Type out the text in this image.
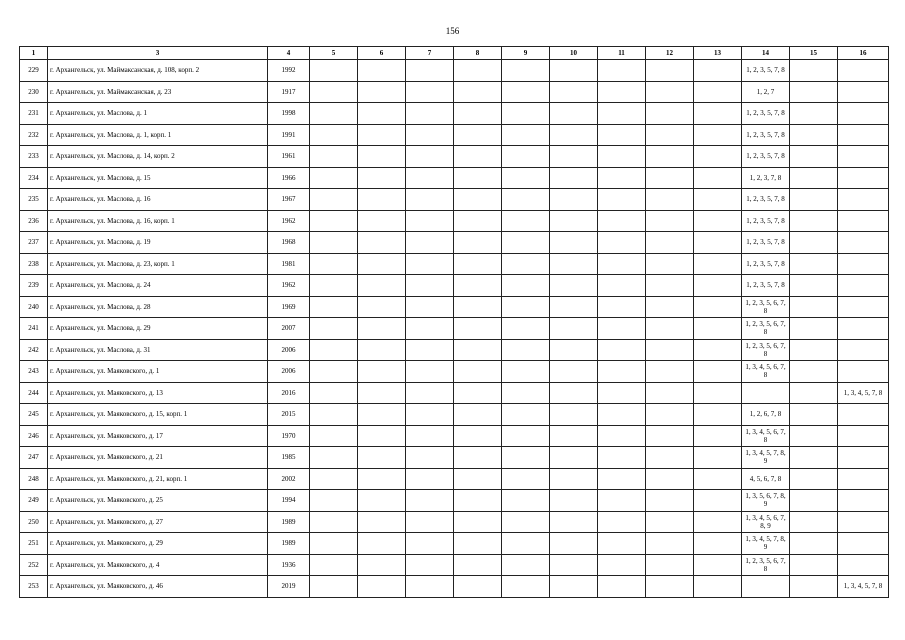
156
1	3	4	5	6	7	8	9	10	11	12	13	14	15	16
229	г. Архангельск, ул. Маймаксанская, д. 108, корп. 2	1992										1, 2, 3, 5, 7, 8		
230	г. Архангельск, ул. Маймаксанская, д. 23	1917										1, 2, 7		
231	г. Архангельск, ул. Маслова, д. 1	1998										1, 2, 3, 5, 7, 8		
232	г. Архангельск, ул. Маслова, д. 1, корп. 1	1991										1, 2, 3, 5, 7, 8		
233	г. Архангельск, ул. Маслова, д. 14, корп. 2	1961										1, 2, 3, 5, 7, 8		
234	г. Архангельск, ул. Маслова, д. 15	1966										1, 2, 3, 7, 8		
235	г. Архангельск, ул. Маслова, д. 16	1967										1, 2, 3, 5, 7, 8		
236	г. Архангельск, ул. Маслова, д. 16, корп. 1	1962										1, 2, 3, 5, 7, 8		
237	г. Архангельск, ул. Маслова, д. 19	1968										1, 2, 3, 5, 7, 8		
238	г. Архангельск, ул. Маслова, д. 23, корп. 1	1981										1, 2, 3, 5, 7, 8		
239	г. Архангельск, ул. Маслова, д. 24	1962										1, 2, 3, 5, 7, 8		
240	г. Архангельск, ул. Маслова, д. 28	1969										1, 2, 3, 5, 6, 7, 8		
241	г. Архангельск, ул. Маслова, д. 29	2007										1, 2, 3, 5, 6, 7, 8		
242	г. Архангельск, ул. Маслова, д. 31	2006										1, 2, 3, 5, 6, 7, 8		
243	г. Архангельск, ул. Маяковского, д. 1	2006										1, 3, 4, 5, 6, 7, 8		
244	г. Архангельск, ул. Маяковского, д. 13	2016												1, 3, 4, 5, 7, 8
245	г. Архангельск, ул. Маяковского, д. 15, корп. 1	2015										1, 2, 6, 7, 8		
246	г. Архангельск, ул. Маяковского, д. 17	1970										1, 3, 4, 5, 6, 7, 8		
247	г. Архангельск, ул. Маяковского, д. 21	1985										1, 3, 4, 5, 7, 8, 9		
248	г. Архангельск, ул. Маяковского, д. 21, корп. 1	2002										4, 5, 6, 7, 8		
249	г. Архангельск, ул. Маяковского, д. 25	1994										1, 3, 5, 6, 7, 8, 9		
250	г. Архангельск, ул. Маяковского, д. 27	1989										1, 3, 4, 5, 6, 7, 8, 9		
251	г. Архангельск, ул. Маяковского, д. 29	1989										1, 3, 4, 5, 7, 8, 9		
252	г. Архангельск, ул. Маяковского, д. 4	1936										1, 2, 3, 5, 6, 7, 8		
253	г. Архангельск, ул. Маяковского, д. 46	2019												1, 3, 4, 5, 7, 8
